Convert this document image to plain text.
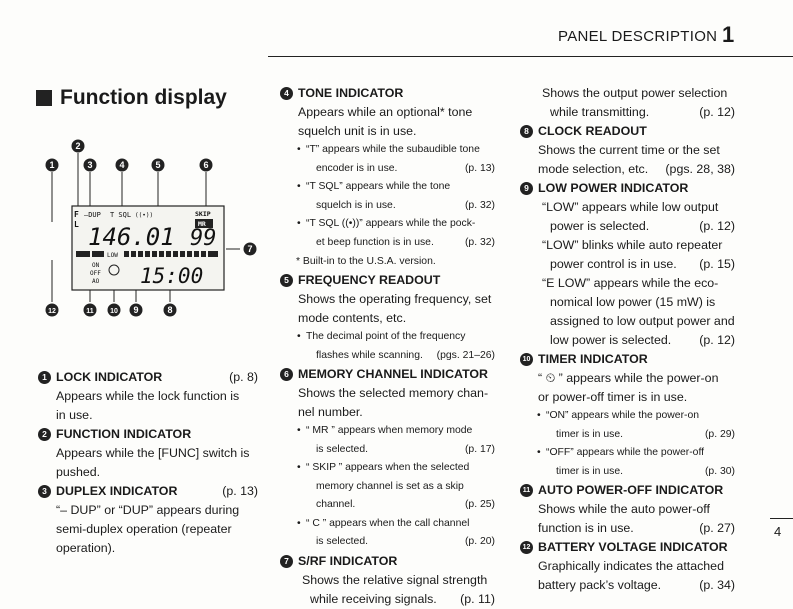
PANEL DESCRIPTION 1
Function display
2
1	3	4	5	6
7
F
L
–DUP T SQL ((•))	SKIP
MR
146.01 99
LOW
ON
OFF
AO 15:00
12	11 10 9	8
1 LOCK INDICATOR	(p. 8)

Appears while the lock function is

in use.

2 FUNCTION INDICATOR

Appears while the [FUNC] switch is

pushed.

3 DUPLEX INDICATOR	(p. 13)

“– DUP” or “DUP” appears during

semi-duplex operation (repeater

operation).

4 TONE INDICATOR

Appears while an optional* tone

squelch unit is in use.

• “T” appears while the subaudible tone
encoder is in use.	(p. 13)
• “T SQL” appears while the tone
squelch is in use.	(p. 32)
• “T SQL ((•))” appears while the pock-
et beep function is in use.	(p. 32)
* Built-in to the U.S.A. version.
5 FREQUENCY READOUT

Shows the operating frequency, set

mode contents, etc.

• The decimal point of the frequency
flashes while scanning. (pgs. 21–26)
6 MEMORY CHANNEL INDICATOR

Shows the selected memory chan-

nel number.

• “ MR ” appears when memory mode
is selected.	(p. 17)
• “ SKIP ” appears when the selected
memory channel is set as a skip
channel.	(p. 25)
• “ C ” appears when the call channel
is selected.	(p. 20)
7 S/RF INDICATOR
Shows the relative signal strength
while receiving signals. (p. 11)
Shows the output power selection
while transmitting.	(p. 12)
8 CLOCK READOUT

Shows the current time or the set

mode selection, etc. (pgs. 28, 38)
9 LOW POWER INDICATOR
“LOW” appears while low output
power is selected.	(p. 12)
“LOW” blinks while auto repeater
power control is in use. (p. 15)
“E LOW” appears while the eco-
nomical low power (15 mW) is
assigned to low output power and
low power is selected. (p. 12)
10 TIMER INDICATOR

“ ⏲ ” appears while the power-on

or power-off timer is in use.

• “ON” appears while the power-on
timer is in use.	(p. 29)
• “OFF” appears while the power-off
timer is in use.	(p. 30)
11 AUTO POWER-OFF INDICATOR

Shows while the auto power-off

function is in use.	(p. 27)
12 BATTERY VOLTAGE INDICATOR

Graphically indicates the attached

battery pack’s voltage.	(p. 34)
4
